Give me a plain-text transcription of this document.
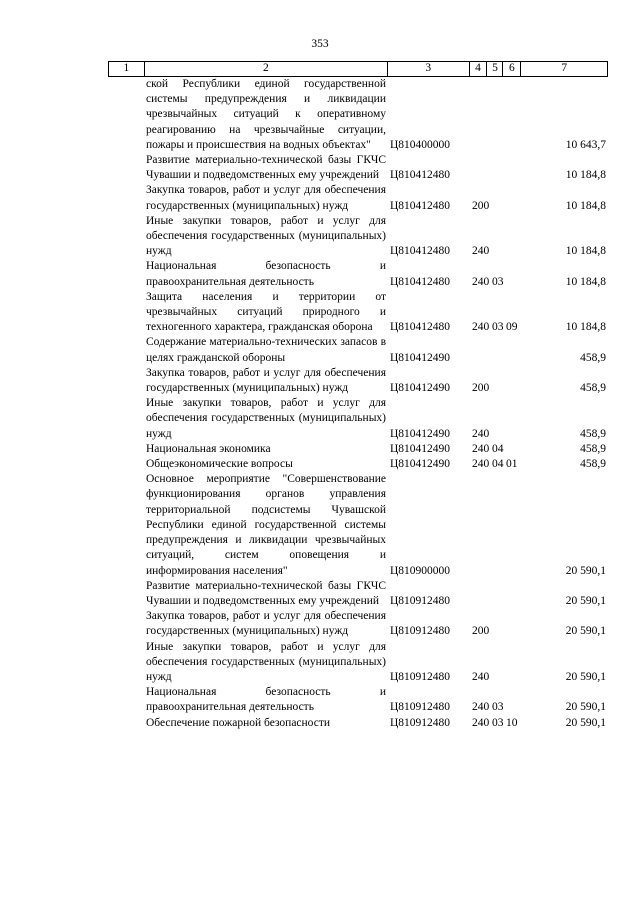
353
1	2	3	4 5 6	7
ской Республики единой государственной системы предупреждения и ликвидации чрезвычайных ситуаций к оперативному реагированию на чрезвычайные ситуации, пожары и происшествия на водных объектах"	Ц810400000	10 643,7
Развитие материально-технической базы ГКЧС Чувашии и подведомственных ему учреждений Ц810412480	10 184,8
Закупка товаров, работ и услуг для обеспечения государственных (муниципальных) нужд	Ц810412480	200	10 184,8
Иные закупки товаров, работ и услуг для обеспечения государственных (муниципальных) нужд	Ц810412480	240	10 184,8
Национальная безопасность и правоохранительная деятельность	Ц810412480	240 03	10 184,8
Защита населения и территории от чрезвычайных ситуаций природного и техногенного характера, гражданская оборона	Ц810412480	240 03 09	10 184,8
Содержание материально-технических запасов в целях гражданской обороны	Ц810412490	458,9
Закупка товаров, работ и услуг для обеспечения государственных (муниципальных) нужд	Ц810412490	200	458,9
Иные закупки товаров, работ и услуг для обеспечения государственных (муниципальных) нужд	Ц810412490	240	458,9
Национальная экономика	Ц810412490	240 04	458,9
Общеэкономические вопросы	Ц810412490	240 04 01	458,9
Основное мероприятие "Совершенствование функционирования органов управления территориальной подсистемы Чувашской Республики единой государственной системы предупреждения и ликвидации чрезвычайных ситуаций, систем оповещения и информирования населения"	Ц810900000	20 590,1
Развитие материально-технической базы ГКЧС Чувашии и подведомственных ему учреждений Ц810912480	20 590,1
Закупка товаров, работ и услуг для обеспечения государственных (муниципальных) нужд	Ц810912480	200	20 590,1
Иные закупки товаров, работ и услуг для обеспечения государственных (муниципальных) нужд	Ц810912480	240	20 590,1
Национальная безопасность и правоохранительная деятельность	Ц810912480	240 03	20 590,1
Обеспечение пожарной безопасности	Ц810912480	240 03 10	20 590,1
